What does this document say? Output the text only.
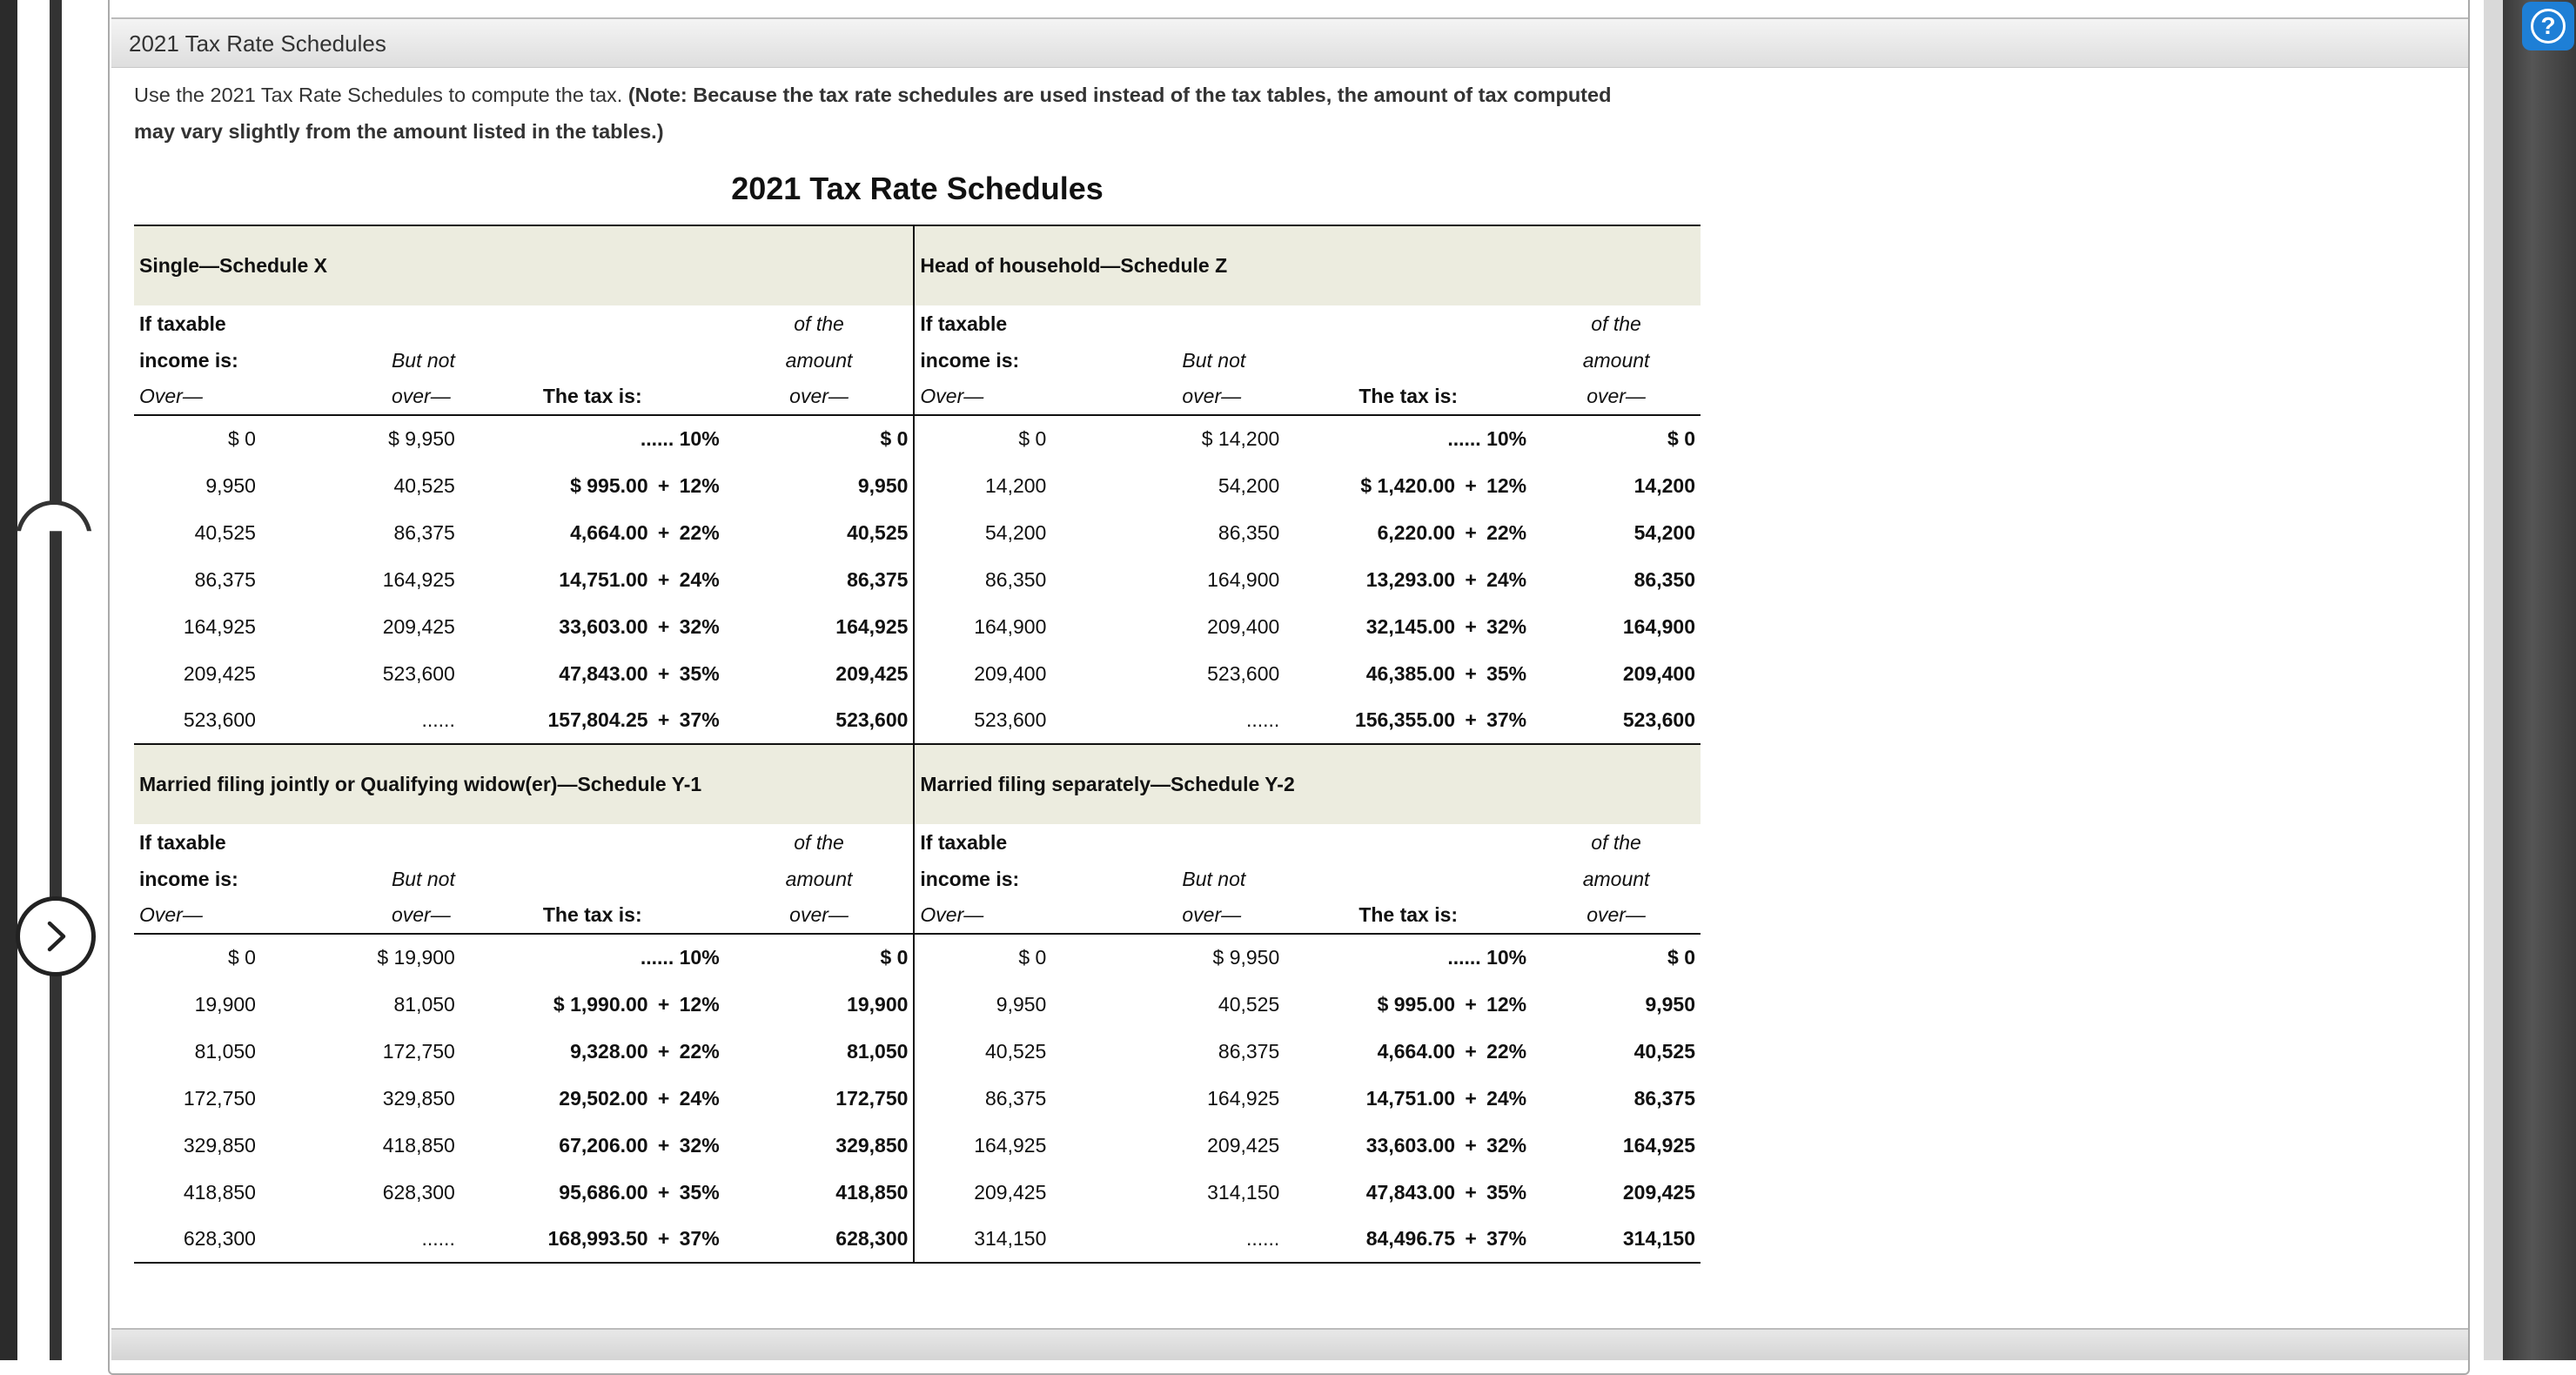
?
2021 Tax Rate Schedules
Use the 2021 Tax Rate Schedules to compute the tax. (Note: Because the tax rate schedules are used instead of the tax tables, the amount of tax computed may vary slightly from the amount listed in the tables.)
2021 Tax Rate Schedules
Single—Schedule X				Head of household—Schedule Z			
If taxable			of the	If taxable			of the
income is:	But not		amount	income is:	But not		amount
Over—	over—	The tax is:	over—	Over—	over—	The tax is:	over—
$ 0	$ 9,950	...... 10%	$ 0	$ 0	$ 14,200	...... 10%	$ 0
9,950	40,525	$ 995.00 + 12%	9,950	14,200	54,200	$ 1,420.00 + 12%	14,200
40,525	86,375	4,664.00 + 22%	40,525	54,200	86,350	6,220.00 + 22%	54,200
86,375	164,925	14,751.00 + 24%	86,375	86,350	164,900	13,293.00 + 24%	86,350
164,925	209,425	33,603.00 + 32%	164,925	164,900	209,400	32,145.00 + 32%	164,900
209,425	523,600	47,843.00 + 35%	209,425	209,400	523,600	46,385.00 + 35%	209,400
523,600	......	157,804.25 + 37%	523,600	523,600	......	156,355.00 + 37%	523,600
Married filing jointly or Qualifying widow(er)—Schedule Y-1				Married filing separately—Schedule Y-2			
If taxable			of the	If taxable			of the
income is:	But not		amount	income is:	But not		amount
Over—	over—	The tax is:	over—	Over—	over—	The tax is:	over—
$ 0	$ 19,900	...... 10%	$ 0	$ 0	$ 9,950	...... 10%	$ 0
19,900	81,050	$ 1,990.00 + 12%	19,900	9,950	40,525	$ 995.00 + 12%	9,950
81,050	172,750	9,328.00 + 22%	81,050	40,525	86,375	4,664.00 + 22%	40,525
172,750	329,850	29,502.00 + 24%	172,750	86,375	164,925	14,751.00 + 24%	86,375
329,850	418,850	67,206.00 + 32%	329,850	164,925	209,425	33,603.00 + 32%	164,925
418,850	628,300	95,686.00 + 35%	418,850	209,425	314,150	47,843.00 + 35%	209,425
628,300	......	168,993.50 + 37%	628,300	314,150	......	84,496.75 + 37%	314,150
